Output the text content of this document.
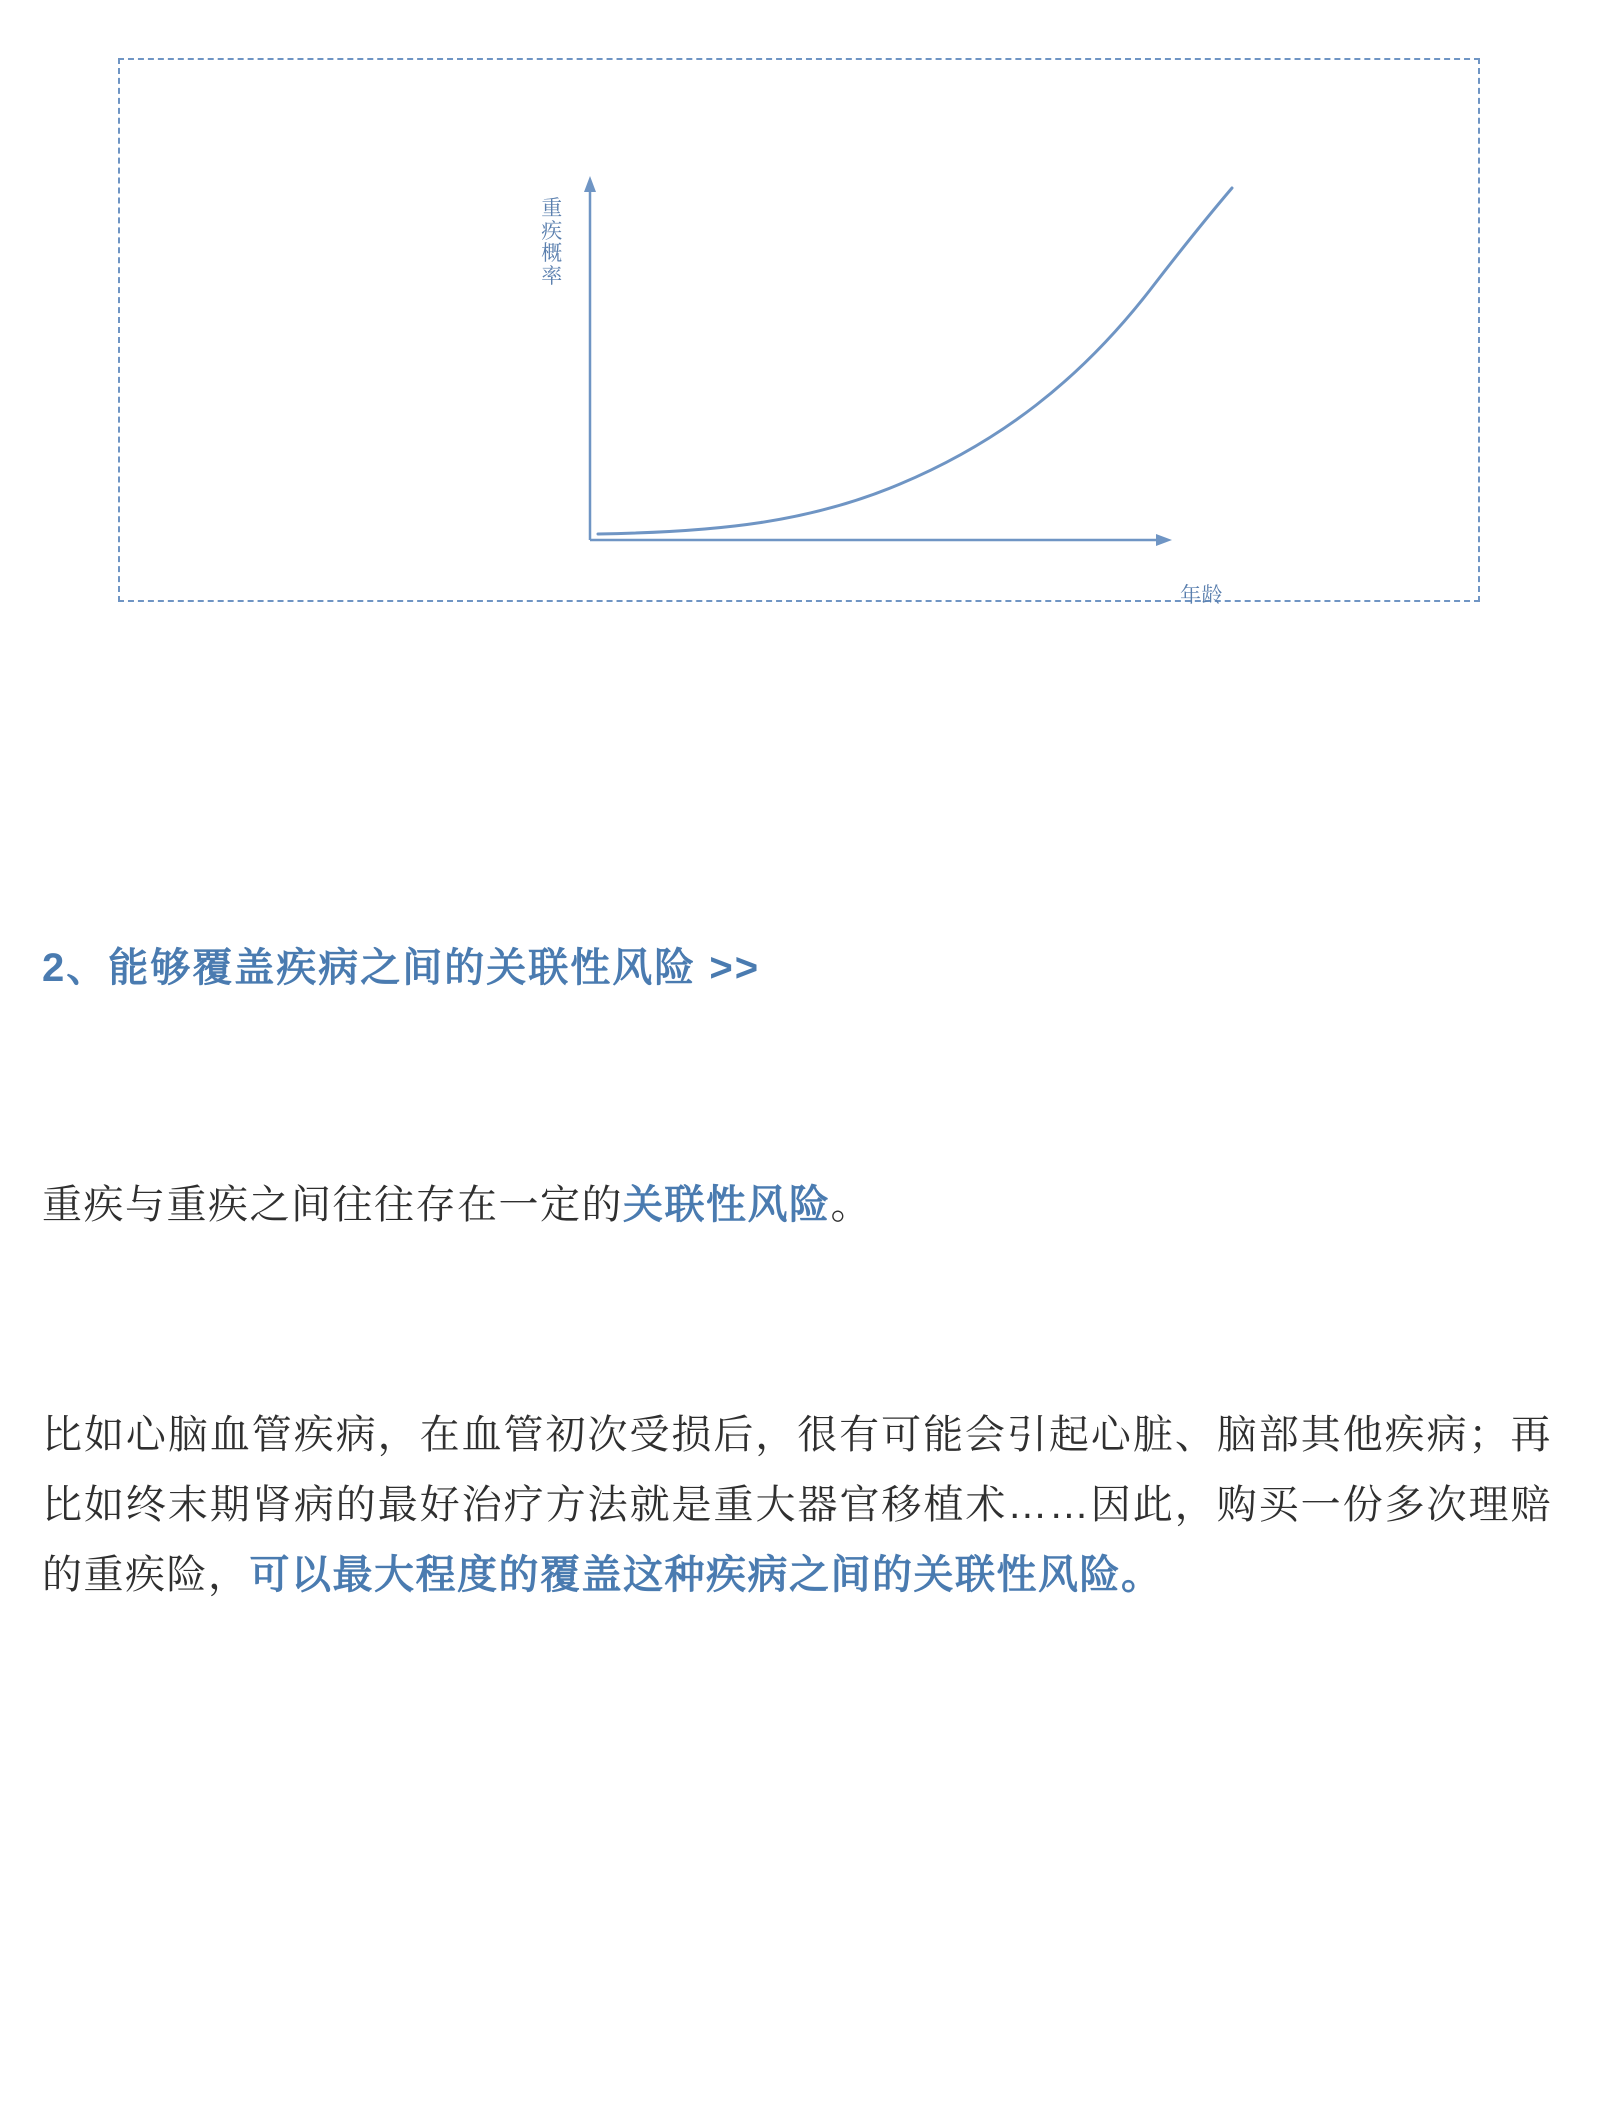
重疾概率
年龄
2、能够覆盖疾病之间的关联性风险 >>
重疾与重疾之间往往存在一定的关联性风险。
比如心脑血管疾病，在血管初次受损后，很有可能会引起心脏、脑部其他疾病；再比如终末期肾病的最好治疗方法就是重大器官移植术……因此，购买一份多次理赔的重疾险，可以最大程度的覆盖这种疾病之间的关联性风险。
